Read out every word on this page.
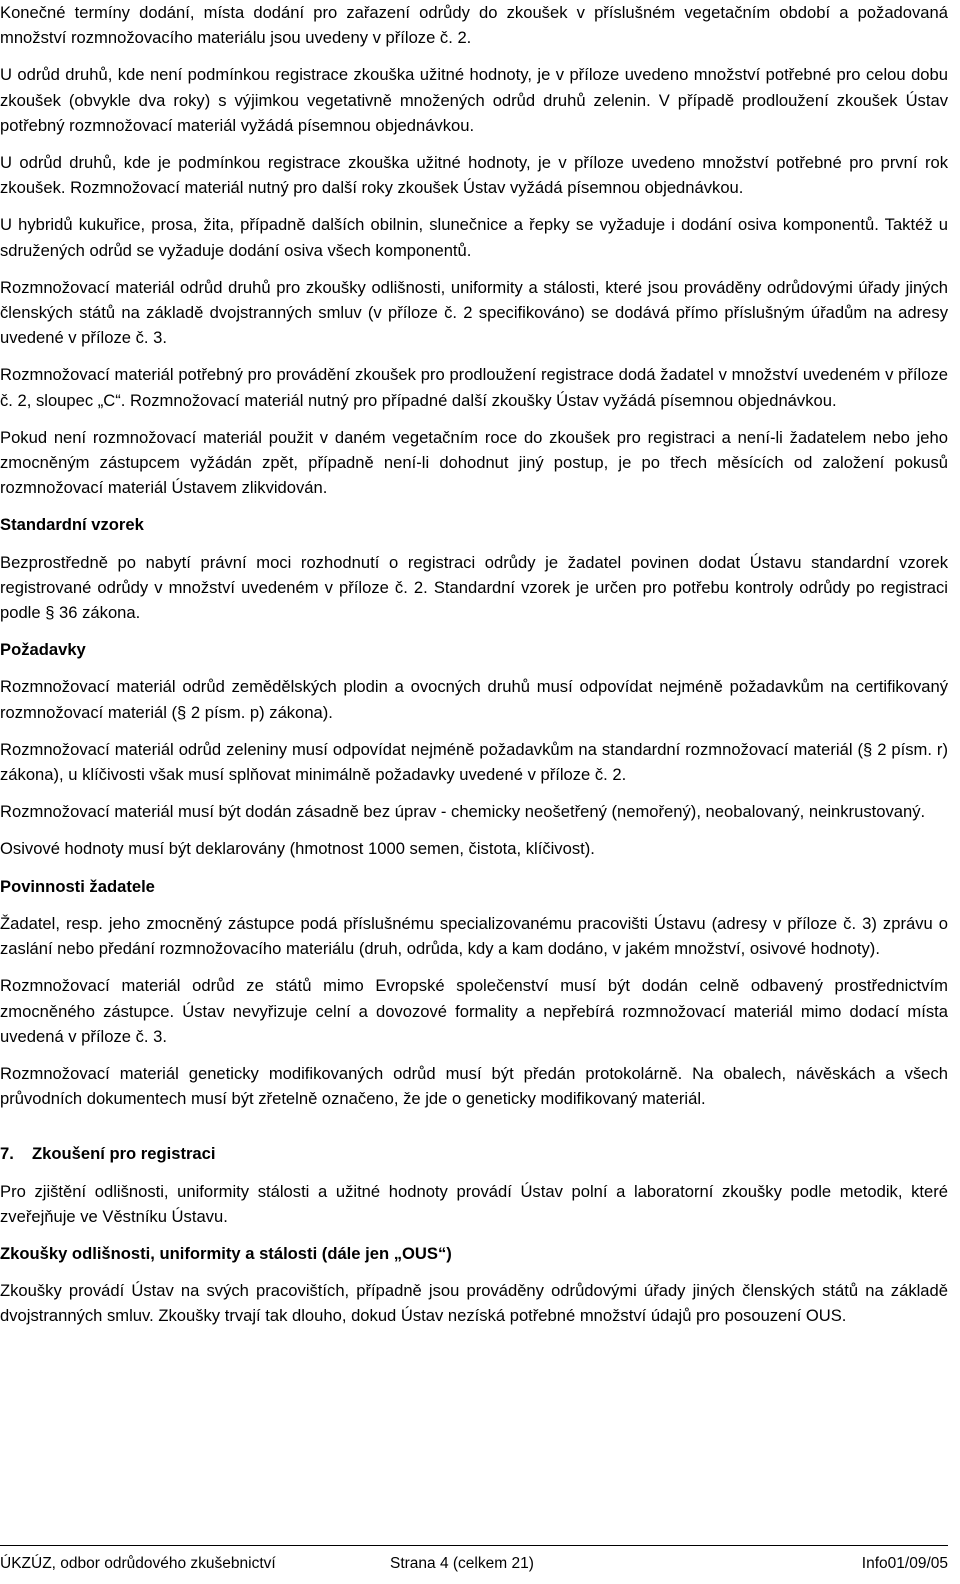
Konečné termíny dodání, místa dodání pro zařazení odrůdy do zkoušek v příslušném vegetačním období a požadovaná množství rozmnožovacího materiálu jsou uvedeny v příloze č. 2.
U odrůd druhů, kde není podmínkou registrace zkouška užitné hodnoty, je v příloze uvedeno množství potřebné pro celou dobu zkoušek (obvykle dva roky) s výjimkou vegetativně množených odrůd druhů zelenin. V případě prodloužení zkoušek Ústav potřebný rozmnožovací materiál vyžádá písemnou objednávkou.
U odrůd druhů, kde je podmínkou registrace zkouška užitné hodnoty, je v příloze uvedeno množství potřebné pro první rok zkoušek. Rozmnožovací materiál nutný pro další roky zkoušek Ústav vyžádá písemnou objednávkou.
U hybridů kukuřice, prosa, žita, případně dalších obilnin, slunečnice a řepky se vyžaduje i dodání osiva komponentů. Taktéž u sdružených odrůd se vyžaduje dodání osiva všech komponentů.
Rozmnožovací materiál odrůd druhů pro zkoušky odlišnosti, uniformity a stálosti, které jsou prováděny odrůdovými úřady jiných členských států na základě dvojstranných smluv (v příloze č. 2 specifikováno) se dodává přímo příslušným úřadům na adresy uvedené v příloze č. 3.
Rozmnožovací materiál potřebný pro provádění zkoušek pro prodloužení registrace dodá žadatel v množství uvedeném v příloze č. 2, sloupec „C“. Rozmnožovací materiál nutný pro případné další zkoušky Ústav vyžádá písemnou objednávkou.
Pokud není rozmnožovací materiál použit v daném vegetačním roce do zkoušek pro registraci a není-li žadatelem nebo jeho zmocněným zástupcem vyžádán zpět, případně není-li dohodnut jiný postup, je po třech měsících od založení pokusů rozmnožovací materiál Ústavem zlikvidován.
Standardní vzorek
Bezprostředně po nabytí právní moci rozhodnutí o registraci odrůdy je žadatel povinen dodat Ústavu standardní vzorek registrované odrůdy v množství uvedeném v příloze č. 2. Standardní vzorek je určen pro potřebu kontroly odrůdy po registraci podle § 36 zákona.
Požadavky
Rozmnožovací materiál odrůd zemědělských plodin a ovocných druhů musí odpovídat nejméně požadavkům na certifikovaný rozmnožovací materiál (§ 2 písm. p) zákona).
Rozmnožovací materiál odrůd zeleniny musí odpovídat nejméně požadavkům na standardní rozmnožovací materiál (§ 2 písm. r) zákona), u klíčivosti však musí splňovat minimálně požadavky uvedené v příloze č. 2.
Rozmnožovací materiál musí být dodán zásadně bez úprav - chemicky neošetřený (nemořený), neobalovaný, neinkrustovaný.
Osivové hodnoty musí být deklarovány (hmotnost 1000 semen, čistota, klíčivost).
Povinnosti žadatele
Žadatel, resp. jeho zmocněný zástupce podá příslušnému specializovanému pracovišti Ústavu (adresy v příloze č. 3) zprávu o zaslání nebo předání rozmnožovacího materiálu (druh, odrůda, kdy a kam dodáno, v jakém množství, osivové hodnoty).
Rozmnožovací materiál odrůd ze států mimo Evropské společenství musí být dodán celně odbavený prostřednictvím zmocněného zástupce. Ústav nevyřizuje celní a dovozové formality a nepřebírá rozmnožovací materiál mimo dodací místa uvedená v příloze č. 3.
Rozmnožovací materiál geneticky modifikovaných odrůd musí být předán protokolárně. Na obalech, návěskách a všech průvodních dokumentech musí být zřetelně označeno, že jde o geneticky modifikovaný materiál.
7. Zkoušení pro registraci
Pro zjištění odlišnosti, uniformity stálosti a užitné hodnoty provádí Ústav polní a laboratorní zkoušky podle metodik, které zveřejňuje ve Věstníku Ústavu.
Zkoušky odlišnosti, uniformity a stálosti (dále jen „OUS“)
Zkoušky provádí Ústav na svých pracovištích, případně jsou prováděny odrůdovými úřady jiných členských států na základě dvojstranných smluv. Zkoušky trvají tak dlouho, dokud Ústav nezíská potřebné množství údajů pro posouzení OUS.
ÚKZÚZ, odbor odrůdového zkušebnictví	Strana 4 (celkem 21)	Info01/09/05
